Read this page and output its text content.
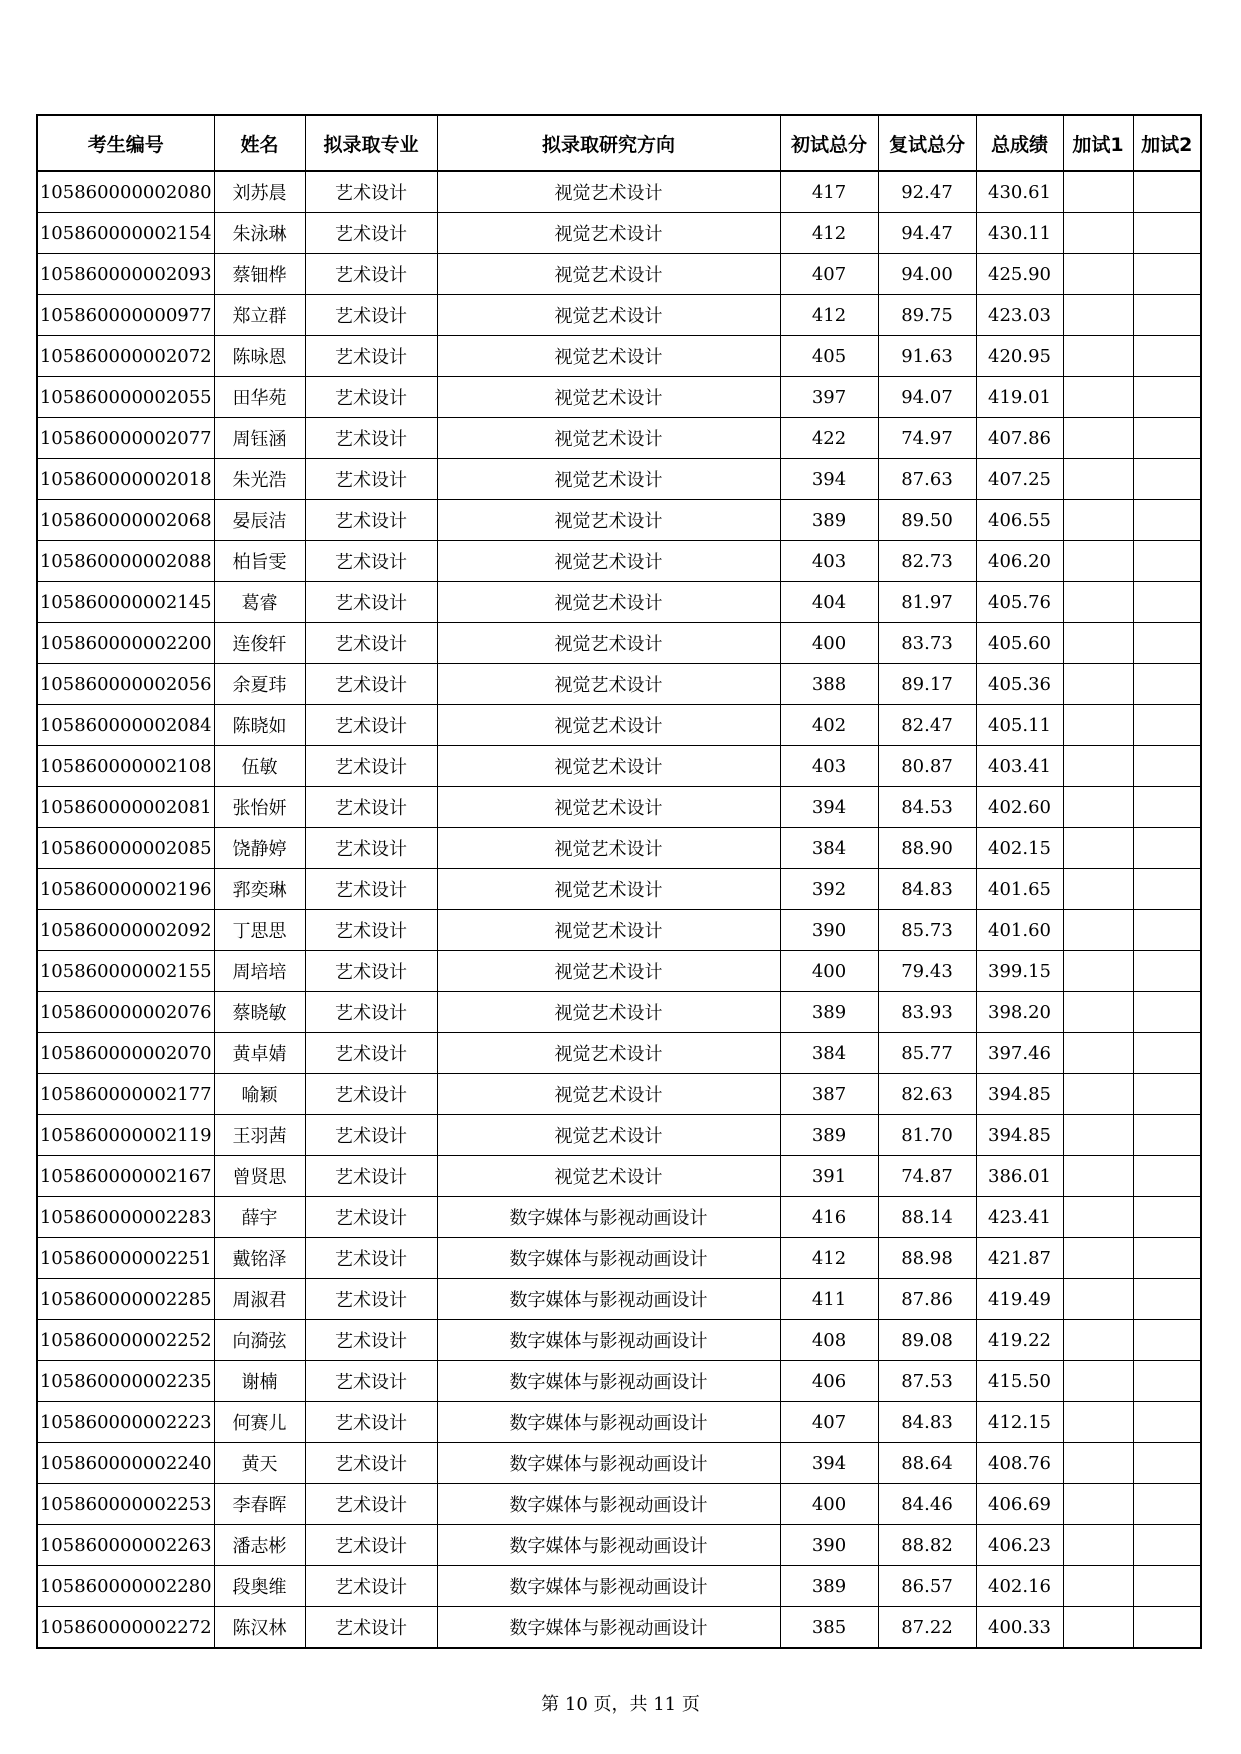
考生编号	姓名	拟录取专业	拟录取研究方向	初试总分	复试总分	总成绩	加试1	加试2
105860000002080	刘苏晨	艺术设计	视觉艺术设计	417	92.47	430.61		
105860000002154	朱泳琳	艺术设计	视觉艺术设计	412	94.47	430.11		
105860000002093	蔡钿桦	艺术设计	视觉艺术设计	407	94.00	425.90		
105860000000977	郑立群	艺术设计	视觉艺术设计	412	89.75	423.03		
105860000002072	陈咏恩	艺术设计	视觉艺术设计	405	91.63	420.95		
105860000002055	田华苑	艺术设计	视觉艺术设计	397	94.07	419.01		
105860000002077	周钰涵	艺术设计	视觉艺术设计	422	74.97	407.86		
105860000002018	朱光浩	艺术设计	视觉艺术设计	394	87.63	407.25		
105860000002068	晏辰洁	艺术设计	视觉艺术设计	389	89.50	406.55		
105860000002088	柏旨雯	艺术设计	视觉艺术设计	403	82.73	406.20		
105860000002145	葛睿	艺术设计	视觉艺术设计	404	81.97	405.76		
105860000002200	连俊轩	艺术设计	视觉艺术设计	400	83.73	405.60		
105860000002056	余夏玮	艺术设计	视觉艺术设计	388	89.17	405.36		
105860000002084	陈晓如	艺术设计	视觉艺术设计	402	82.47	405.11		
105860000002108	伍敏	艺术设计	视觉艺术设计	403	80.87	403.41		
105860000002081	张怡妍	艺术设计	视觉艺术设计	394	84.53	402.60		
105860000002085	饶静婷	艺术设计	视觉艺术设计	384	88.90	402.15		
105860000002196	郛奕琳	艺术设计	视觉艺术设计	392	84.83	401.65		
105860000002092	丁思思	艺术设计	视觉艺术设计	390	85.73	401.60		
105860000002155	周培培	艺术设计	视觉艺术设计	400	79.43	399.15		
105860000002076	蔡晓敏	艺术设计	视觉艺术设计	389	83.93	398.20		
105860000002070	黄卓婧	艺术设计	视觉艺术设计	384	85.77	397.46		
105860000002177	喻颖	艺术设计	视觉艺术设计	387	82.63	394.85		
105860000002119	王羽茜	艺术设计	视觉艺术设计	389	81.70	394.85		
105860000002167	曾贤思	艺术设计	视觉艺术设计	391	74.87	386.01		
105860000002283	薛宇	艺术设计	数字媒体与影视动画设计	416	88.14	423.41		
105860000002251	戴铭泽	艺术设计	数字媒体与影视动画设计	412	88.98	421.87		
105860000002285	周淑君	艺术设计	数字媒体与影视动画设计	411	87.86	419.49		
105860000002252	向漪弦	艺术设计	数字媒体与影视动画设计	408	89.08	419.22		
105860000002235	谢楠	艺术设计	数字媒体与影视动画设计	406	87.53	415.50		
105860000002223	何赛儿	艺术设计	数字媒体与影视动画设计	407	84.83	412.15		
105860000002240	黄天	艺术设计	数字媒体与影视动画设计	394	88.64	408.76		
105860000002253	李春晖	艺术设计	数字媒体与影视动画设计	400	84.46	406.69		
105860000002263	潘志彬	艺术设计	数字媒体与影视动画设计	390	88.82	406.23		
105860000002280	段奥维	艺术设计	数字媒体与影视动画设计	389	86.57	402.16		
105860000002272	陈汉林	艺术设计	数字媒体与影视动画设计	385	87.22	400.33		
第 10 页，共 11 页
